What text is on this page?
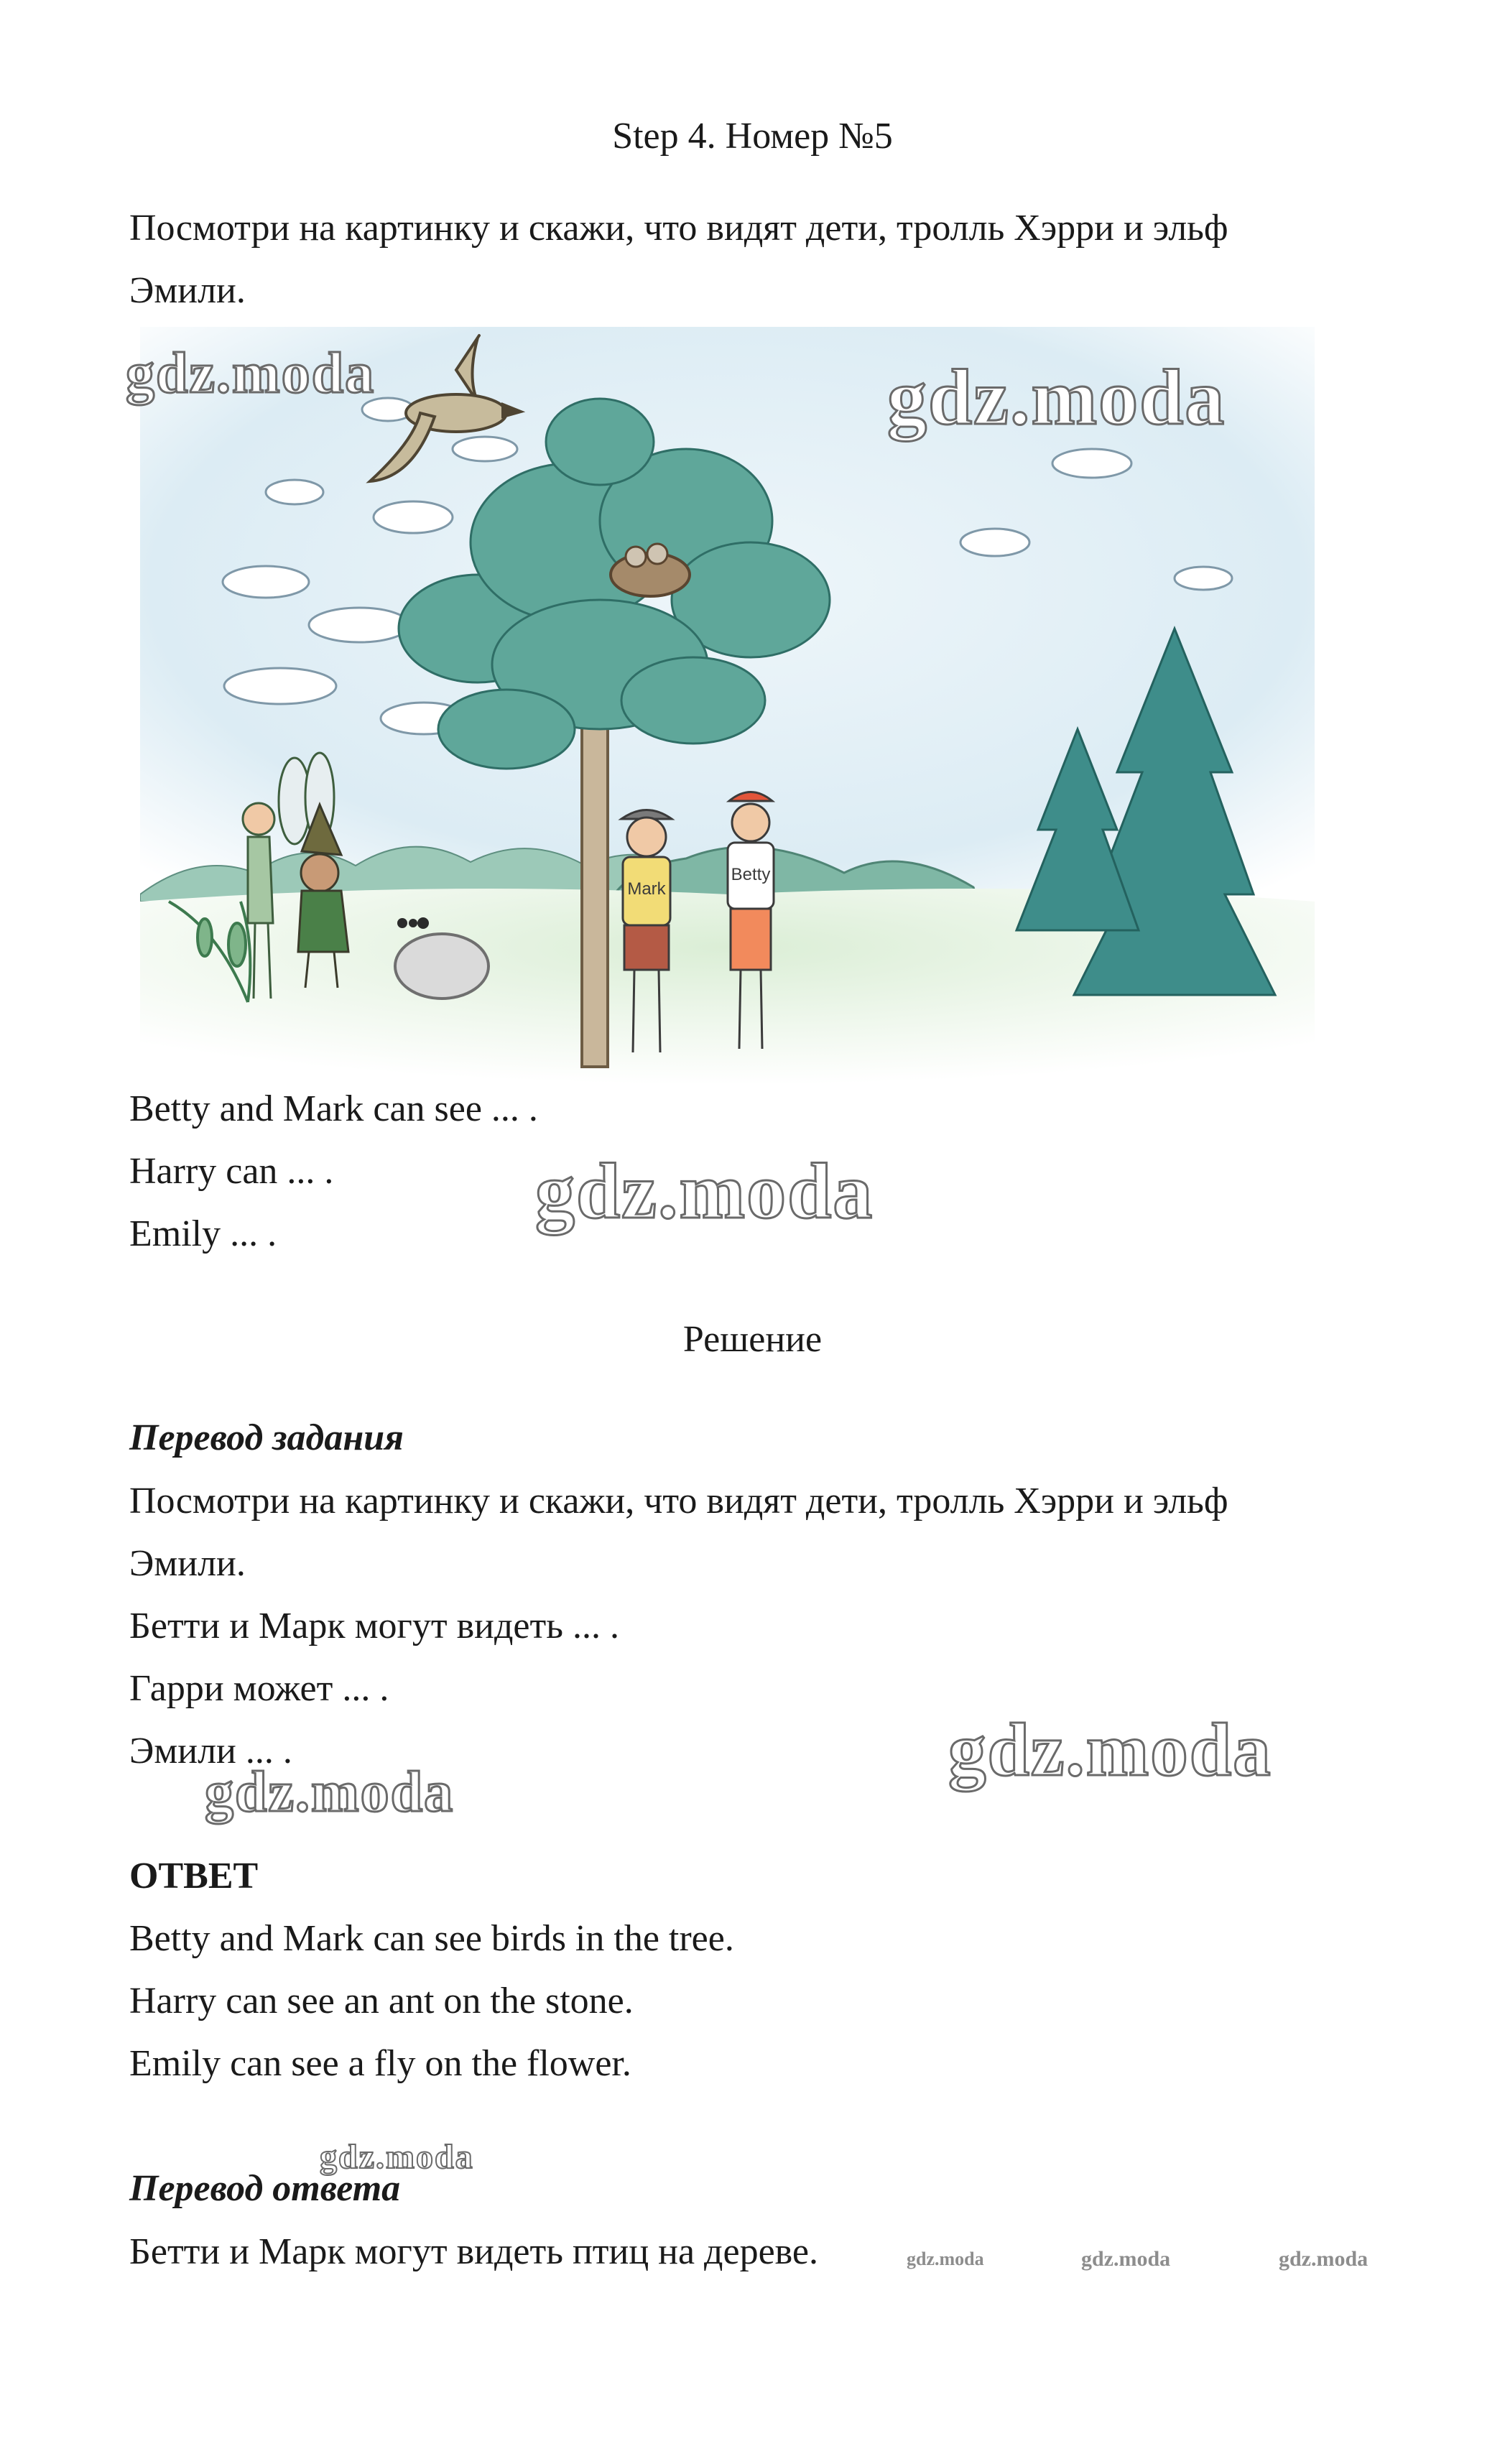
Step 4. Номер №5
Посмотри на картинку и скажи, что видят дети, тролль Хэрри и эльф
Эмили.
Mark
Betty
Betty and Mark can see ... .
Harry can ... .
Emily ... .
Решение
Перевод задания
Посмотри на картинку и скажи, что видят дети, тролль Хэрри и эльф
Эмили.
Бетти и Марк могут видеть ... .
Гарри может ... .
Эмили ... .
ОТВЕТ
Betty and Mark can see birds in the tree.
Harry can see an ant on the stone.
Emily can see a fly on the flower.
Перевод ответа
Бетти и Марк могут видеть птиц на дереве.
gdz.moda	gdz.moda
gdz.moda
gdz.moda
gdz.moda
gdz.moda
gdz.moda	gdz.moda	gdz.moda
